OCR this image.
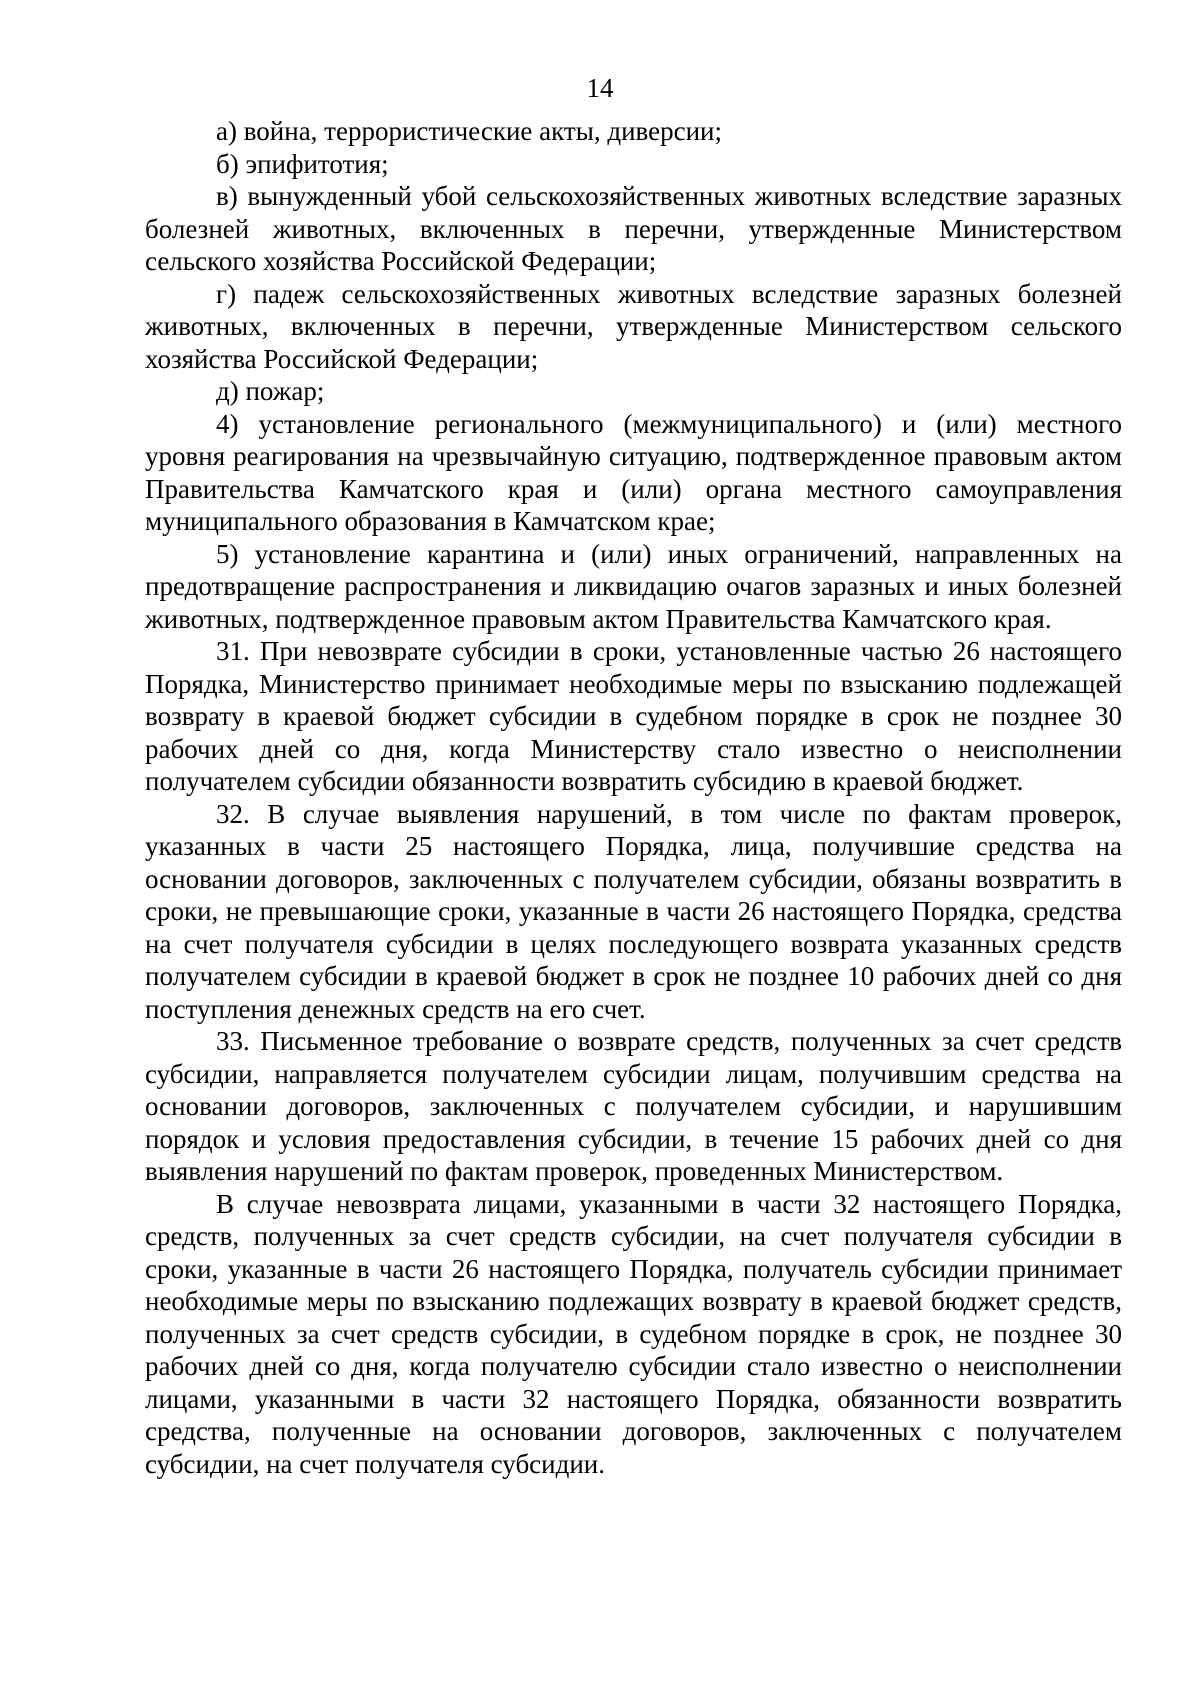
14

а) война, террористические акты, диверсии;

б) эпифитотия;

в) вынужденный убой сельскохозяйственных животных вследствие заразных болезней животных, включенных в перечни, утвержденные Министерством сельского хозяйства Российской Федерации;

г) падеж сельскохозяйственных животных вследствие заразных болезней животных, включенных в перечни, утвержденные Министерством сельского хозяйства Российской Федерации;

д) пожар;

4) установление регионального (межмуниципального) и (или) местного уровня реагирования на чрезвычайную ситуацию, подтвержденное правовым актом Правительства Камчатского края и (или) органа местного самоуправления муниципального образования в Камчатском крае;

5) установление карантина и (или) иных ограничений, направленных на предотвращение распространения и ликвидацию очагов заразных и иных болезней животных, подтвержденное правовым актом Правительства Камчатского края.

31. При невозврате субсидии в сроки, установленные частью 26 настоящего Порядка, Министерство принимает необходимые меры по взысканию подлежащей возврату в краевой бюджет субсидии в судебном порядке в срок не позднее 30 рабочих дней со дня, когда Министерству стало известно о неисполнении получателем субсидии обязанности возвратить субсидию в краевой бюджет.

32. В случае выявления нарушений, в том числе по фактам проверок, указанных в части 25 настоящего Порядка, лица, получившие средства на основании договоров, заключенных с получателем субсидии, обязаны возвратить в сроки, не превышающие сроки, указанные в части 26 настоящего Порядка, средства на счет получателя субсидии в целях последующего возврата указанных средств получателем субсидии в краевой бюджет в срок не позднее 10 рабочих дней со дня поступления денежных средств на его счет.

33. Письменное требование о возврате средств, полученных за счет средств субсидии, направляется получателем субсидии лицам, получившим средства на основании договоров, заключенных с получателем субсидии, и нарушившим порядок и условия предоставления субсидии, в течение 15 рабочих дней со дня выявления нарушений по фактам проверок, проведенных Министерством.

В случае невозврата лицами, указанными в части 32 настоящего Порядка, средств, полученных за счет средств субсидии, на счет получателя субсидии в сроки, указанные в части 26 настоящего Порядка, получатель субсидии принимает необходимые меры по взысканию подлежащих возврату в краевой бюджет средств, полученных за счет средств субсидии, в судебном порядке в срок, не позднее 30 рабочих дней со дня, когда получателю субсидии стало известно о неисполнении лицами, указанными в части 32 настоящего Порядка, обязанности возвратить средства, полученные на основании договоров, заключенных с получателем субсидии, на счет получателя субсидии.
